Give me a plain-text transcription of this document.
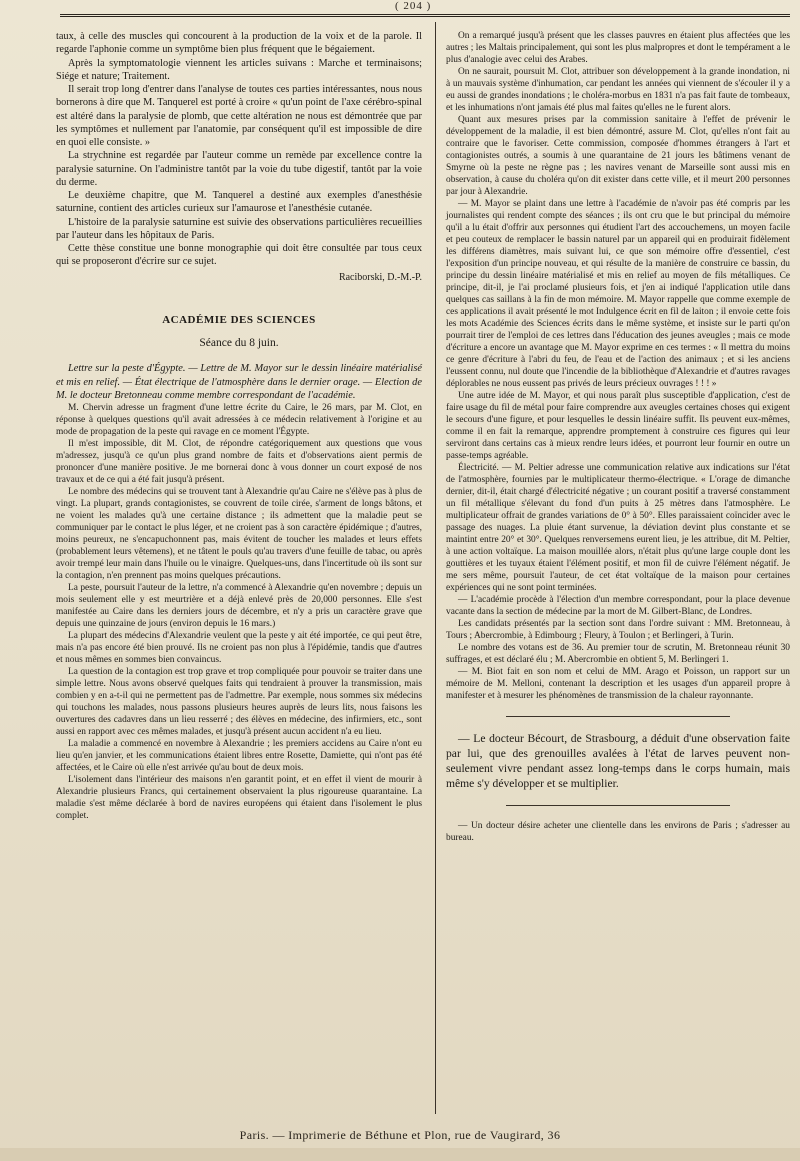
( 204 )

taux, à celle des muscles qui concourent à la production de la voix et de la parole. Il regarde l'aphonie comme un symptôme bien plus fréquent que le bégaiement.

Après la symptomatologie viennent les articles suivans : Marche et terminaisons; Siége et nature; Traitement.

Il serait trop long d'entrer dans l'analyse de toutes ces parties intéressantes, nous nous bornerons à dire que M. Tanquerel est porté à croire « qu'un point de l'axe cérébro-spinal est altéré dans la paralysie de plomb, que cette altération ne nous est démontrée que par les symptômes et nullement par l'anatomie, par conséquent qu'il est impossible de dire en quoi elle consiste. »

La strychnine est regardée par l'auteur comme un remède par excellence contre la paralysie saturnine. On l'administre tantôt par la voie du tube digestif, tantôt par la voie du derme.

Le deuxième chapitre, que M. Tanquerel a destiné aux exemples d'anesthésie saturnine, contient des articles curieux sur l'amaurose et l'anesthésie cutanée.

L'histoire de la paralysie saturnine est suivie des observations particulières recueillies par l'auteur dans les hôpitaux de Paris.

Cette thèse constitue une bonne monographie qui doit être consultée par tous ceux qui se proposeront d'écrire sur ce sujet.

Raciborski, D.-M.-P.

ACADÉMIE DES SCIENCES
Séance du 8 juin.

Lettre sur la peste d'Égypte. — Lettre de M. Mayor sur le dessin linéaire matérialisé et mis en relief. — État électrique de l'atmosphère dans le dernier orage. — Election de M. le docteur Bretonneau comme membre correspondant de l'académie.

M. Chervin adresse un fragment d'une lettre écrite du Caire, le 26 mars, par M. Clot, en réponse à quelques questions qu'il avait adressées à ce médecin relativement à l'origine et au mode de propagation de la peste qui ravage en ce moment l'Égypte.

Il m'est impossible, dit M. Clot, de répondre catégoriquement aux questions que vous m'adressez, jusqu'à ce qu'un plus grand nombre de faits et d'observations aient permis de prononcer d'une manière positive. Je me bornerai donc à vous donner un court exposé de nos travaux et de ce qui a été fait jusqu'à présent.

Le nombre des médecins qui se trouvent tant à Alexandrie qu'au Caire ne s'élève pas à plus de vingt. La plupart, grands contagionistes, se couvrent de toile cirée, s'arment de longs bâtons, et ne voient les malades qu'à une certaine distance ; ils admettent que la maladie peut se communiquer par le contact le plus léger, et ne croient pas à son caractère épidémique ; d'autres, moins peureux, ne s'encapuchonnent pas, mais évitent de toucher les malades et leurs effets (probablement leurs vêtemens), et ne tâtent le pouls qu'au travers d'une feuille de tabac, ou après avoir trempé leur main dans l'huile ou le vinaigre. Quelques-uns, dans l'incertitude où ils sont sur la contagion, n'en prennent pas moins quelques précautions.

La peste, poursuit l'auteur de la lettre, n'a commencé à Alexandrie qu'en novembre ; depuis un mois seulement elle y est meurtrière et a déjà enlevé près de 20,000 personnes. Elle s'est manifestée au Caire dans les derniers jours de décembre, et n'y a pris un caractère grave que depuis une quinzaine de jours (environ depuis le 16 mars.)

La plupart des médecins d'Alexandrie veulent que la peste y ait été importée, ce qui peut être, mais n'a pas encore été bien prouvé. Ils ne croient pas non plus à l'épidémie, tandis que d'autres et nous mêmes en sommes bien convaincus.

La question de la contagion est trop grave et trop compliquée pour pouvoir se traiter dans une simple lettre. Nous avons observé quelques faits qui tendraient à prouver la transmission, mais combien y en a-t-il qui ne permettent pas de l'admettre. Par exemple, nous sommes six médecins qui touchons les malades, nous passons plusieurs heures auprès de leurs lits, nous faisons les ouvertures des cadavres dans un lieu resserré ; des élèves en médecine, des infirmiers, etc., sont aussi en rapport avec ces mêmes malades, et jusqu'à présent aucun accident n'a eu lieu.

La maladie a commencé en novembre à Alexandrie ; les premiers accidens au Caire n'ont eu lieu qu'en janvier, et les communications étaient libres entre Rosette, Damiette, qui n'ont pas été affectées, et le Caire où elle n'est arrivée qu'au bout de deux mois.

L'isolement dans l'intérieur des maisons n'en garantit point, et en effet il vient de mourir à Alexandrie plusieurs Francs, qui certainement observaient la plus rigoureuse quarantaine. La maladie s'est même déclarée à bord de navires européens qui étaient dans l'isolement le plus complet.

On a remarqué jusqu'à présent que les classes pauvres en étaient plus affectées que les autres ; les Maltais principalement, qui sont les plus malpropres et dont le tempérament a le plus d'analogie avec celui des Arabes.

On ne saurait, poursuit M. Clot, attribuer son développement à la grande inondation, ni à un mauvais système d'inhumation, car pendant les années qui viennent de s'écouler il y a eu aussi de grandes inondations ; le choléra-morbus en 1831 n'a pas fait faute de tombeaux, et les inhumations n'ont jamais été plus mal faites qu'elles ne le furent alors.

Quant aux mesures prises par la commission sanitaire à l'effet de prévenir le développement de la maladie, il est bien démontré, assure M. Clot, qu'elles n'ont fait au contraire que le favoriser. Cette commission, composée d'hommes étrangers à l'art et contagionistes outrés, a soumis à une quarantaine de 21 jours les bâtimens venant de Smyrne où la peste ne règne pas ; les navires venant de Marseille sont aussi mis en observation, à cause du choléra qu'on dit exister dans cette ville, et il meurt 200 personnes par jour à Alexandrie.

— M. Mayor se plaint dans une lettre à l'académie de n'avoir pas été compris par les journalistes qui rendent compte des séances ; ils ont cru que le but principal du mémoire qu'il a lu était d'offrir aux personnes qui étudient l'art des accouchemens, un moyen facile et peu couteux de remplacer le bassin naturel par un appareil qui en produirait fidèlement les différens diamètres, mais suivant lui, ce que son mémoire offre d'essentiel, c'est l'exposition d'un principe nouveau, et qui résulte de la manière de construire ce bassin, du principe du dessin linéaire matérialisé et mis en relief au moyen de fils métalliques. Ce principe, dit-il, je l'ai proclamé plusieurs fois, et j'en ai indiqué l'application utile dans quelques cas saillans à la fin de mon mémoire. M. Mayor rappelle que comme exemple de ces applications il avait présenté le mot Indulgence écrit en fil de laiton ; il envoie cette fois les mots Académie des Sciences écrits dans le même système, et insiste sur le parti qu'on pourrait tirer de l'emploi de ces lettres dans l'éducation des jeunes aveugles ; mais ce mode d'écriture a encore un avantage que M. Mayor exprime en ces termes : « Il mettra du moins ce genre d'écriture à l'abri du feu, de l'eau et de l'action des animaux ; et si les anciens l'eussent connu, nul doute que l'incendie de la bibliothèque d'Alexandrie et d'autres ravages déplorables ne nous eussent pas privés de leurs précieux ouvrages ! ! ! »

Une autre idée de M. Mayor, et qui nous paraît plus susceptible d'application, c'est de faire usage du fil de métal pour faire comprendre aux aveugles certaines choses qui exigent le secours d'une figure, et pour lesquelles le dessin linéaire suffit. Ils peuvent eux-mêmes, comme il en fait la remarque, apprendre promptement à construire ces figures qui leur serviront dans certains cas à mieux rendre leurs idées, et pourront leur fournir en outre un passe-temps agréable.

Électricité. — M. Peltier adresse une communication relative aux indications sur l'état de l'atmosphère, fournies par le multiplicateur thermo-électrique. « L'orage de dimanche dernier, dit-il, était chargé d'électricité négative ; un courant positif a traversé constamment un fil métallique s'élevant du fond d'un puits à 25 mètres dans l'atmosphère. Le multiplicateur offrait de grandes variations de 0° à 50°. Elles paraissaient coïncider avec le passage des nuages. La pluie étant survenue, la déviation devint plus constante et se maintint entre 20° et 30°. Quelques renversemens eurent lieu, je les attribue, dit M. Peltier, à une action voltaïque. La maison mouillée alors, n'était plus qu'une large couple dont les gouttières et les tuyaux étaient l'élément positif, et mon fil de cuivre l'élément négatif. Je me sers même, poursuit l'auteur, de cet état voltaïque de la maison pour certaines expériences qui ne sont point terminées.

— L'académie procède à l'élection d'un membre correspondant, pour la place devenue vacante dans la section de médecine par la mort de M. Gilbert-Blanc, de Londres.

Les candidats présentés par la section sont dans l'ordre suivant : MM. Bretonneau, à Tours ; Abercrombie, à Edimbourg ; Fleury, à Toulon ; et Berlingeri, à Turin.

Le nombre des votans est de 36. Au premier tour de scrutin, M. Bretonneau réunit 30 suffrages, et est déclaré élu ; M. Abercrombie en obtient 5, M. Berlingeri 1.

— M. Biot fait en son nom et celui de MM. Arago et Poisson, un rapport sur un mémoire de M. Melloni, contenant la description et les usages d'un appareil propre à manifester et à mesurer les phénomènes de transmission de la chaleur rayonnante.

— Le docteur Bécourt, de Strasbourg, a déduit d'une observation faite par lui, que des grenouilles avalées à l'état de larves peuvent non-seulement vivre pendant assez long-temps dans le corps humain, mais même s'y développer et se multiplier.

— Un docteur désire acheter une clientelle dans les environs de Paris ; s'adresser au bureau.

Paris. — Imprimerie de Béthune et Plon, rue de Vaugirard, 36
